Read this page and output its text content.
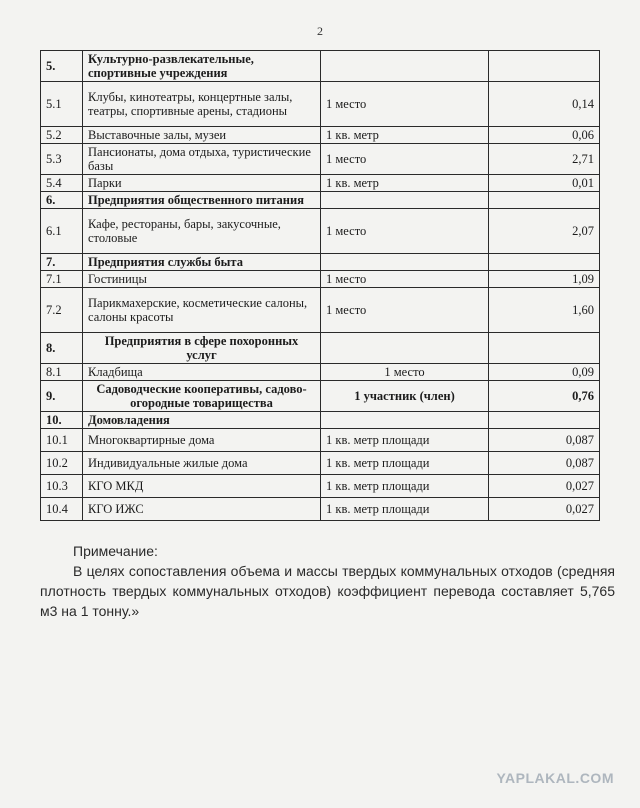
2
5.	Культурно-развлекательные, спортивные учреждения		
5.1	Клубы, кинотеатры, концертные залы, театры, спортивные арены, стадионы	1 место	0,14
5.2	Выставочные залы, музеи	1 кв. метр	0,06
5.3	Пансионаты, дома отдыха, туристические базы	1 место	2,71
5.4	Парки	1 кв. метр	0,01
6.	Предприятия общественного питания		
6.1	Кафе, рестораны, бары, закусочные, столовые	1 место	2,07
7.	Предприятия службы быта		
7.1	Гостиницы	1 место	1,09
7.2	Парикмахерские, косметические салоны, салоны красоты	1 место	1,60
8.	Предприятия в сфере похоронных услуг		
8.1	Кладбища	1 место	0,09
9.	Садоводческие кооперативы, садово-огородные товарищества	1 участник (член)	0,76
10.	Домовладения		
10.1	Многоквартирные дома	1 кв. метр площади	0,087
10.2	Индивидуальные жилые дома	1 кв. метр площади	0,087
10.3	КГО МКД	1 кв. метр площади	0,027
10.4	КГО ИЖС	1 кв. метр площади	0,027
Примечание:
В целях сопоставления объема и массы твердых коммунальных отходов (средняя плотность твердых коммунальных отходов) коэффициент перевода составляет 5,765 м3 на 1 тонну.»
YAPLAKAL.COM
